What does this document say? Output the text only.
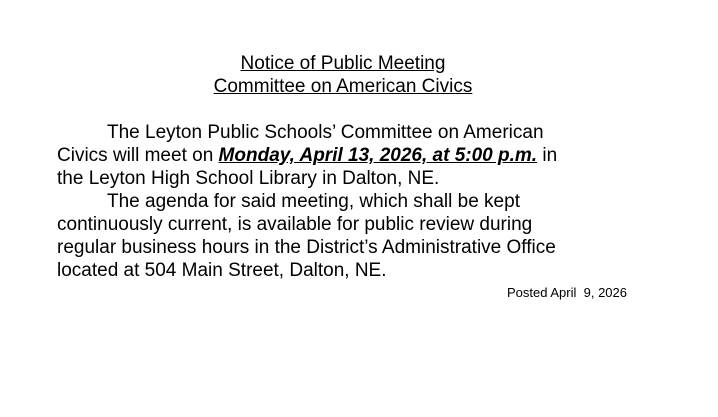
Notice of Public Meeting
Committee on American Civics
The Leyton Public Schools’ Committee on American
Civics will meet on Monday, April 13, 2026, at 5:00 p.m. in
the Leyton High School Library in Dalton, NE.
The agenda for said meeting, which shall be kept
continuously current, is available for public review during
regular business hours in the District’s Administrative Office
located at 504 Main Street, Dalton, NE.
Posted April  9, 2026
